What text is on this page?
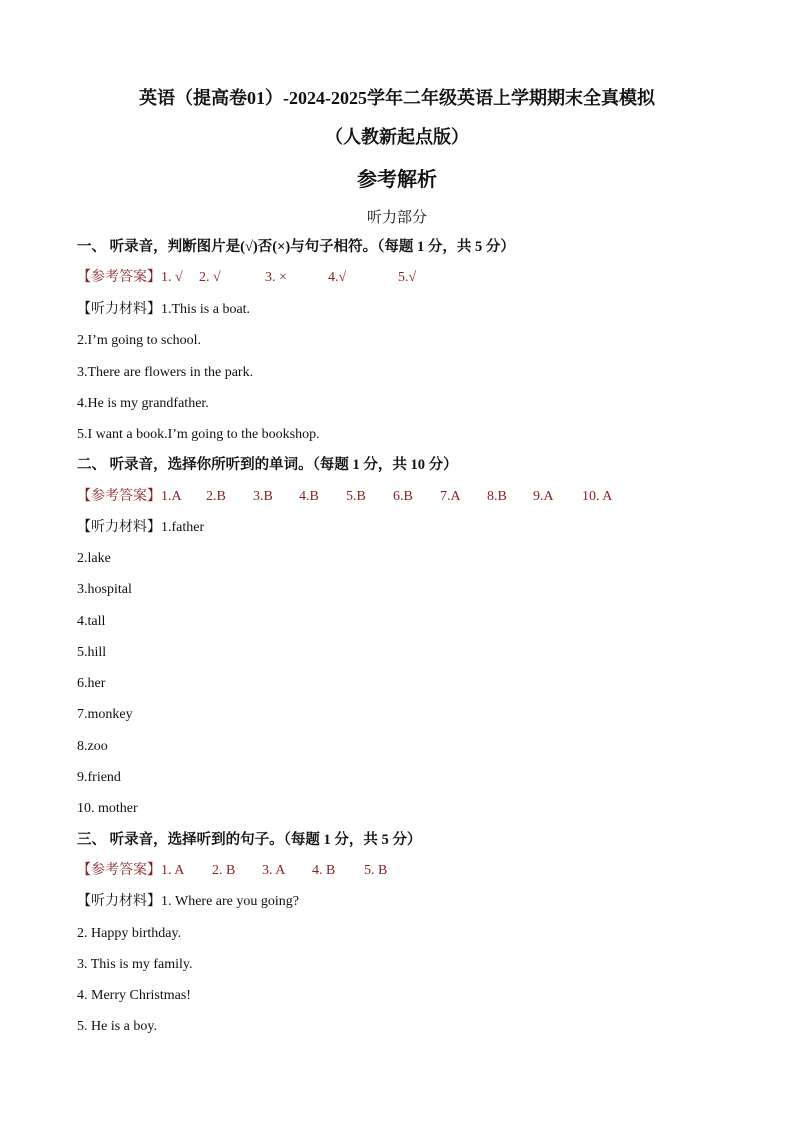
英语（提高卷01）-2024-2025学年二年级英语上学期期末全真模拟
（人教新起点版）
参考解析
听力部分
一、 听录音，判断图片是(√)否(×)与句子相符。（每题 1 分，共 5 分）
【参考答案】1. √ 2. √	3. ×	4.√	5.√
【听力材料】1.This is a boat.
2.I’m going to school.
3.There are flowers in the park.
4.He is my grandfather.
5.I want a book.I’m going to the bookshop.
二、 听录音，选择你所听到的单词。（每题 1 分，共 10 分）
【参考答案】1.A 2.B 3.B 4.B 5.B 6.B 7.A 8.B 9.A 10. A
【听力材料】1.father
2.lake
3.hospital
4.tall
5.hill
6.her
7.monkey
8.zoo
9.friend
10. mother
三、 听录音，选择听到的句子。（每题 1 分，共 5 分）
【参考答案】1. A 2. B 3. A 4. B 5. B
【听力材料】1. Where are you going?
2. Happy birthday.
3. This is my family.
4. Merry Christmas!
5. He is a boy.
